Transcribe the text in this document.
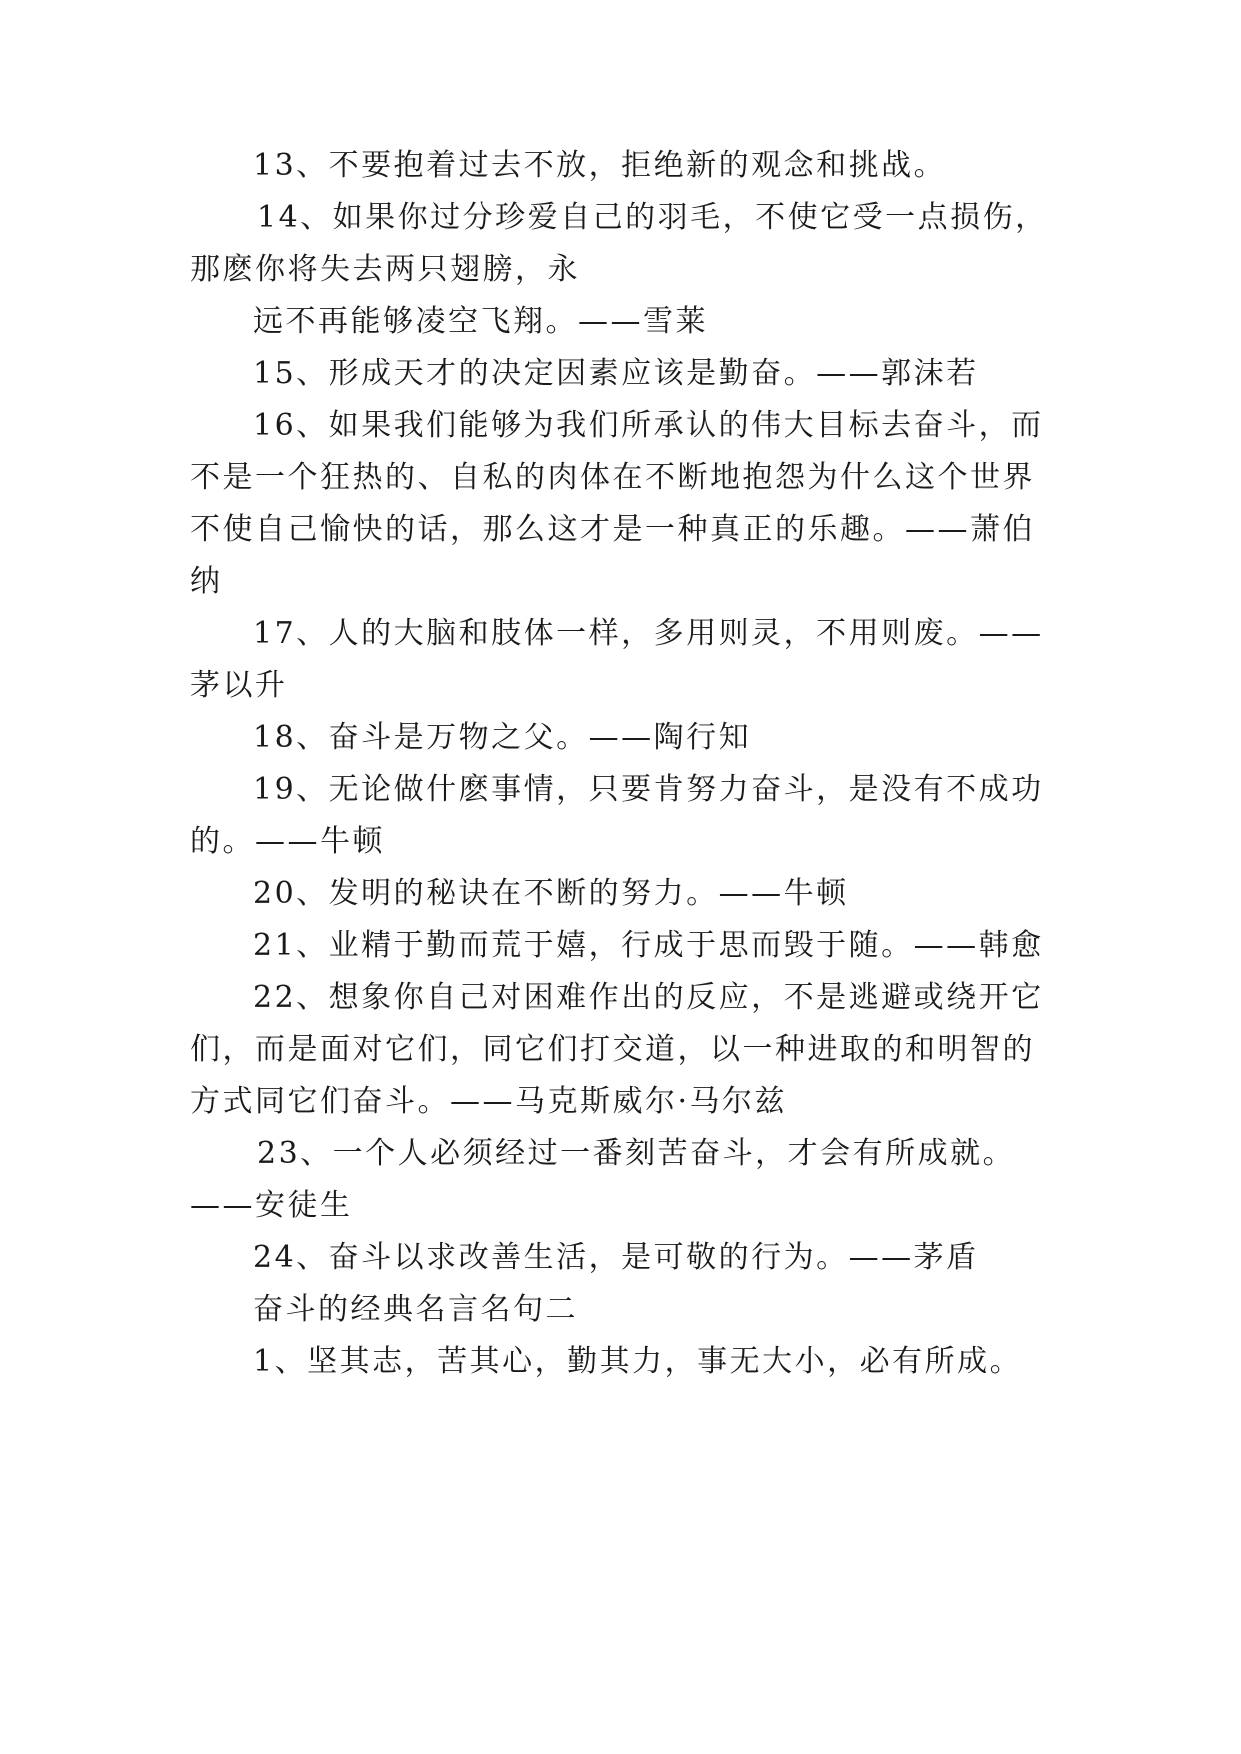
13、不要抱着过去不放，拒绝新的观念和挑战。
14、如果你过分珍爱自己的羽毛，不使它受一点损伤，
那麽你将失去两只翅膀，永
远不再能够凌空飞翔。——雪莱
15、形成天才的决定因素应该是勤奋。——郭沫若
16、如果我们能够为我们所承认的伟大目标去奋斗，而
不是一个狂热的、自私的肉体在不断地抱怨为什么这个世界
不使自己愉快的话，那么这才是一种真正的乐趣。——萧伯
纳
17、人的大脑和肢体一样，多用则灵，不用则废。——
茅以升
18、奋斗是万物之父。——陶行知
19、无论做什麽事情，只要肯努力奋斗，是没有不成功
的。——牛顿
20、发明的秘诀在不断的努力。——牛顿
21、业精于勤而荒于嬉，行成于思而毁于随。——韩愈
22、想象你自己对困难作出的反应，不是逃避或绕开它
们，而是面对它们，同它们打交道，以一种进取的和明智的
方式同它们奋斗。——马克斯威尔·马尔兹
23、一个人必须经过一番刻苦奋斗，才会有所成就。
——安徒生
24、奋斗以求改善生活，是可敬的行为。——茅盾
奋斗的经典名言名句二
1、坚其志，苦其心，勤其力，事无大小，必有所成。
